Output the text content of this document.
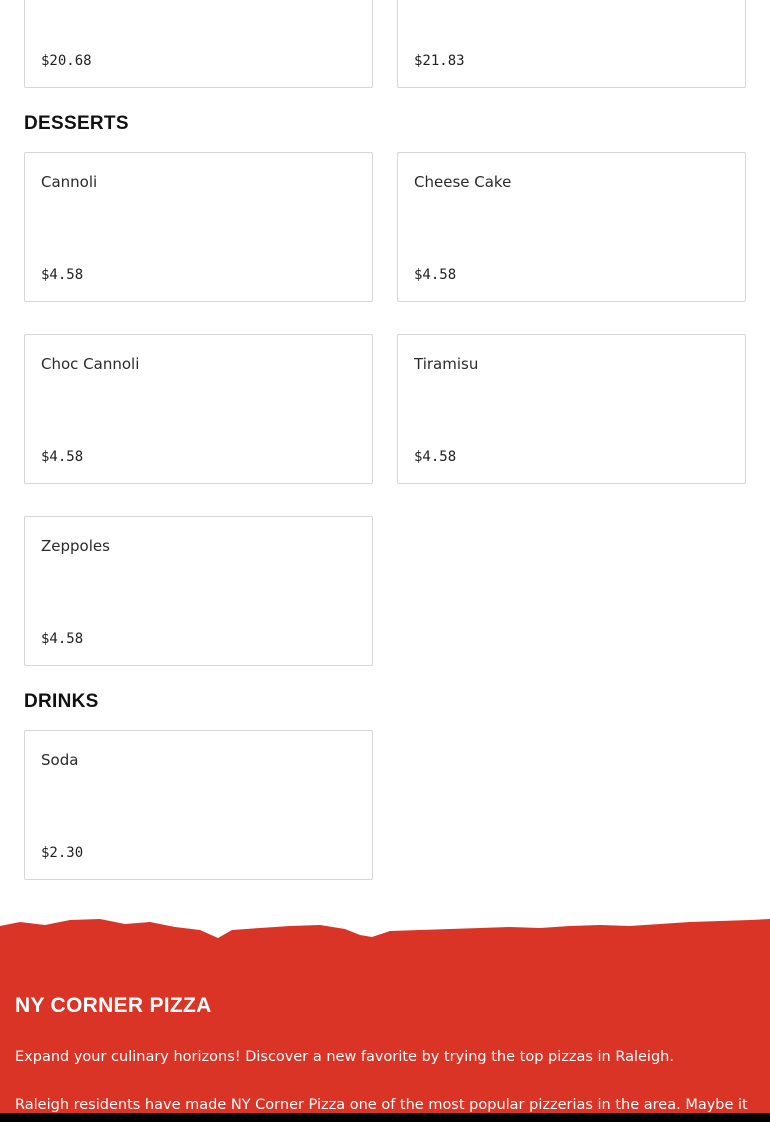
$20.68	$21.83
DESSERTS
Cannoli
$4.58
Cheese Cake
$4.58
Choc Cannoli
$4.58
Tiramisu
$4.58
Zeppoles
$4.58
DRINKS
Soda
$2.30
NY CORNER PIZZA

Expand your culinary horizons! Discover a new favorite by trying the top pizzas in Raleigh.

Raleigh residents have made NY Corner Pizza one of the most popular pizzerias in the area. Maybe it
